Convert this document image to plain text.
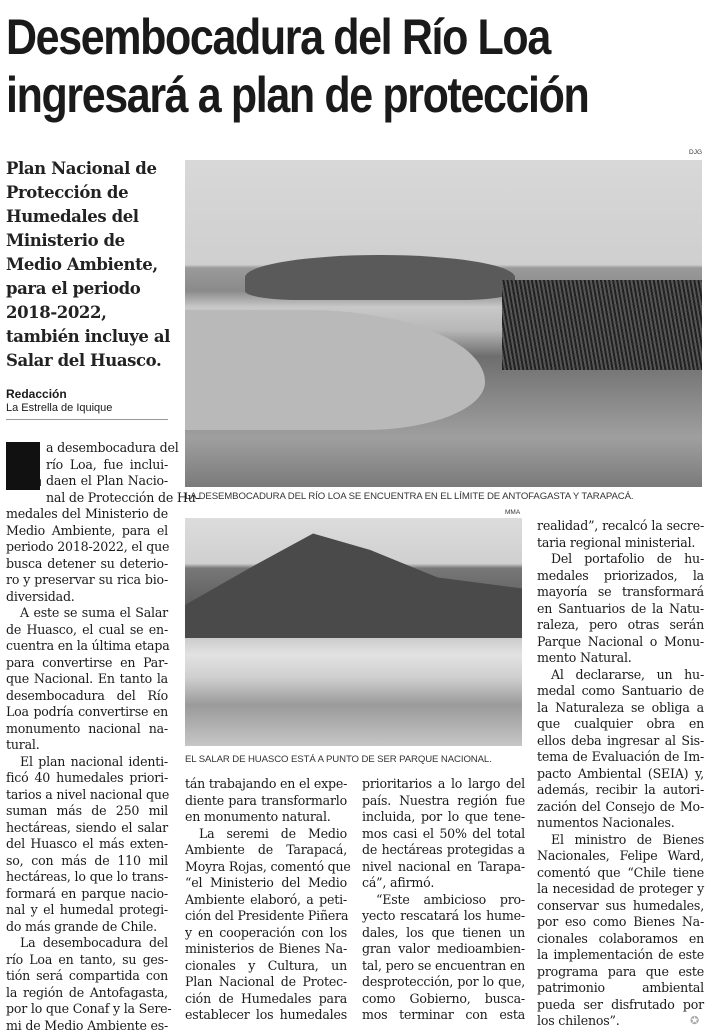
Desembocadura del Río Loa
ingresará a plan de protección
DJG
LA DESEMBOCADURA DEL RÍO LOA SE ENCUENTRA EN EL LÍMITE DE ANTOFAGASTA Y TARAPACÁ.
MMA
EL SALAR DE HUASCO ESTÁ A PUNTO DE SER PARQUE NACIONAL.
Plan Nacional de Protección de Humedales del Ministerio de Medio Ambiente, para el periodo 2018-2022, también incluye al Salar del Huasco.
Redacción
La Estrella de Iquique
L a desembocadura del
río Loa, fue inclui-
daen el Plan Nacio-
nal de Protección de Hu-
medales del Ministerio de
Medio Ambiente, para el
periodo 2018-2022, el que
busca detener su deterio-
ro y preservar su rica bio-
diversidad.
A este se suma el Salar
de Huasco, el cual se en-
cuentra en la última etapa
para convertirse en Par-
que Nacional. En tanto la
desembocadura del Río
Loa podría convertirse en
monumento nacional na-
tural.
El plan nacional identi-
ficó 40 humedales priori-
tarios a nivel nacional que
suman más de 250 mil
hectáreas, siendo el salar
del Huasco el más exten-
so, con más de 110 mil
hectáreas, lo que lo trans-
formará en parque nacio-
nal y el humedal protegi-
do más grande de Chile.
La desembocadura del
río Loa en tanto, su ges-
tión será compartida con
la región de Antofagasta,
por lo que Conaf y la Sere-
mi de Medio Ambiente es-
tán trabajando en el expe-
diente para transformarlo
en monumento natural.
La seremi de Medio
Ambiente de Tarapacá,
Moyra Rojas, comentó que
“el Ministerio del Medio
Ambiente elaboró, a peti-
ción del Presidente Piñera
y en cooperación con los
ministerios de Bienes Na-
cionales y Cultura, un
Plan Nacional de Protec-
ción de Humedales para
establecer los humedales
prioritarios a lo largo del
país. Nuestra región fue
incluida, por lo que tene-
mos casi el 50% del total
de hectáreas protegidas a
nivel nacional en Tarapa-
cá”, afirmó.
“Este ambicioso pro-
yecto rescatará los hume-
dales, los que tienen un
gran valor medioambien-
tal, pero se encuentran en
desprotección, por lo que,
como Gobierno, busca-
mos terminar con esta
realidad”, recalcó la secre-
taria regional ministerial.
Del portafolio de hu-
medales priorizados, la
mayoría se transformará
en Santuarios de la Natu-
raleza, pero otras serán
Parque Nacional o Monu-
mento Natural.
Al declararse, un hu-
medal como Santuario de
la Naturaleza se obliga a
que cualquier obra en
ellos deba ingresar al Sis-
tema de Evaluación de Im-
pacto Ambiental (SEIA) y,
además, recibir la autori-
zación del Consejo de Mo-
numentos Nacionales.
El ministro de Bienes
Nacionales, Felipe Ward,
comentó que “Chile tiene
la necesidad de proteger y
conservar sus humedales,
por eso como Bienes Na-
cionales colaboramos en
la implementación de este
programa para que este
patrimonio ambiental
pueda ser disfrutado por
los chilenos”.	✪
